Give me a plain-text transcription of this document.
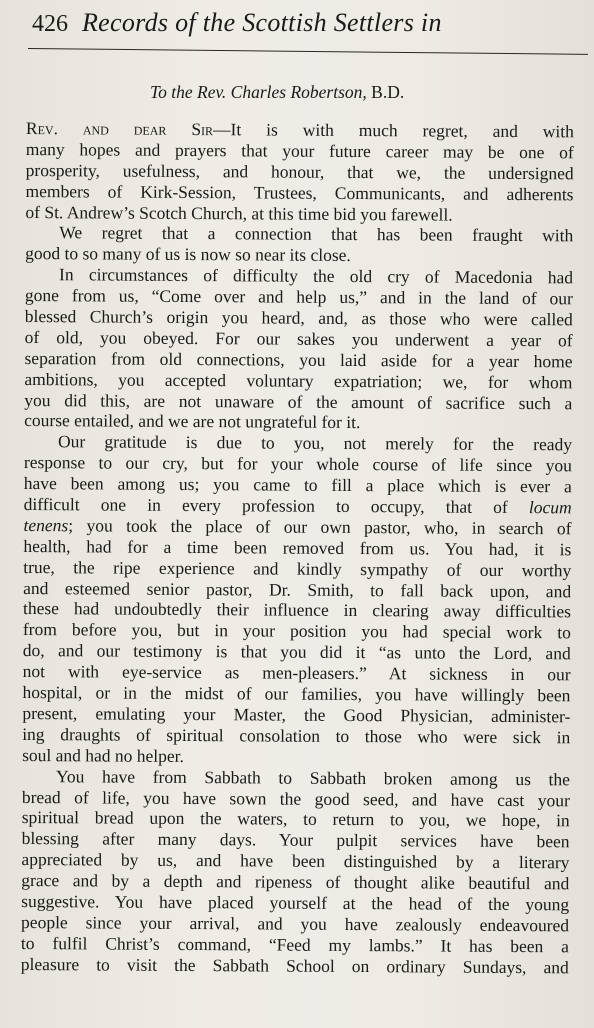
426 Records of the Scottish Settlers in
To the Rev. Charles Robertson, B.D.
Rev. and dear Sir—It is with much regret, and with
many hopes and prayers that your future career may be one of
prosperity, usefulness, and honour, that we, the undersigned
members of Kirk-Session, Trustees, Communicants, and adherents
of St. Andrew’s Scotch Church, at this time bid you farewell.
We regret that a connection that has been fraught with
good to so many of us is now so near its close.
In circumstances of difficulty the old cry of Macedonia had
gone from us, “Come over and help us,” and in the land of our
blessed Church’s origin you heard, and, as those who were called
of old, you obeyed. For our sakes you underwent a year of
separation from old connections, you laid aside for a year home
ambitions, you accepted voluntary expatriation; we, for whom
you did this, are not unaware of the amount of sacrifice such a
course entailed, and we are not ungrateful for it.
Our gratitude is due to you, not merely for the ready
response to our cry, but for your whole course of life since you
have been among us; you came to fill a place which is ever a
difficult one in every profession to occupy, that of locum
tenens; you took the place of our own pastor, who, in search of
health, had for a time been removed from us. You had, it is
true, the ripe experience and kindly sympathy of our worthy
and esteemed senior pastor, Dr. Smith, to fall back upon, and
these had undoubtedly their influence in clearing away difficulties
from before you, but in your position you had special work to
do, and our testimony is that you did it “as unto the Lord, and
not with eye-service as men-pleasers.” At sickness in our
hospital, or in the midst of our families, you have willingly been
present, emulating your Master, the Good Physician, administer-
ing draughts of spiritual consolation to those who were sick in
soul and had no helper.
You have from Sabbath to Sabbath broken among us the
bread of life, you have sown the good seed, and have cast your
spiritual bread upon the waters, to return to you, we hope, in
blessing after many days. Your pulpit services have been
appreciated by us, and have been distinguished by a literary
grace and by a depth and ripeness of thought alike beautiful and
suggestive. You have placed yourself at the head of the young
people since your arrival, and you have zealously endeavoured
to fulfil Christ’s command, “Feed my lambs.” It has been a
pleasure to visit the Sabbath School on ordinary Sundays, and
